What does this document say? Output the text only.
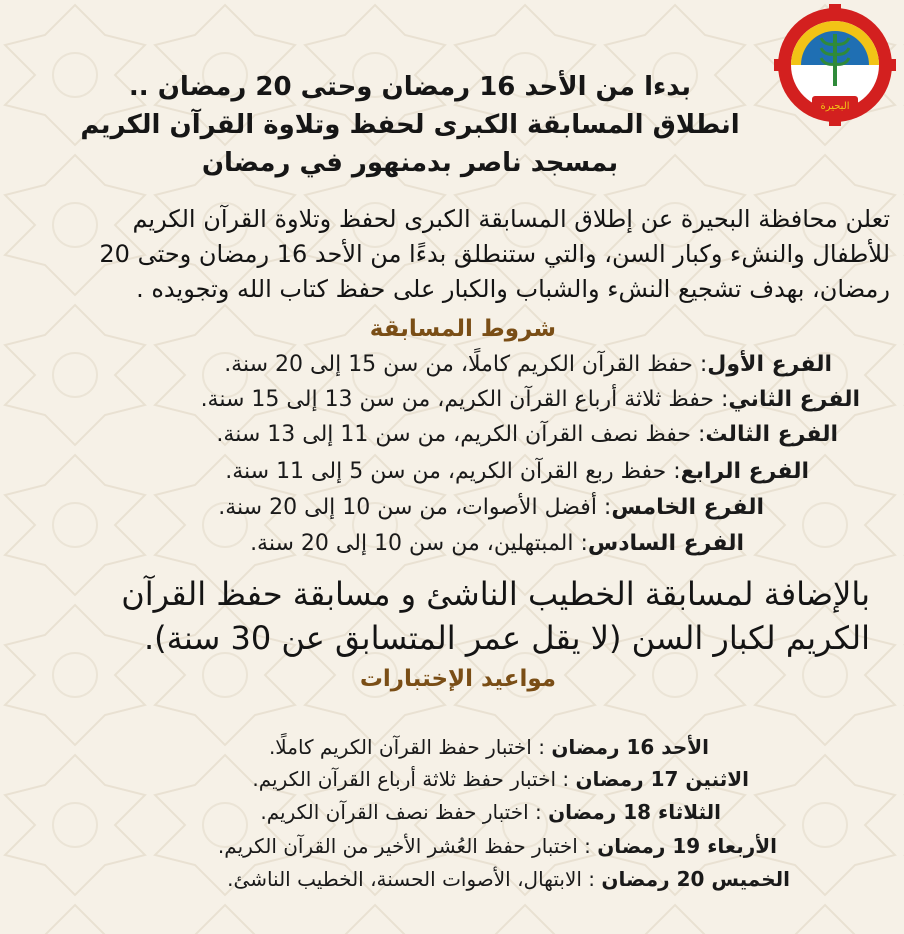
البحيرة
بدءا من الأحد 16 رمضان وحتى 20 رمضان ..
انطلاق المسابقة الكبرى لحفظ وتلاوة القرآن الكريم
بمسجد ناصر بدمنهور في رمضان
تعلن محافظة البحيرة عن إطلاق المسابقة الكبرى لحفظ وتلاوة القرآن الكريم
للأطفال والنشء وكبار السن، والتي ستنطلق بدءًا من الأحد 16 رمضان وحتى 20
رمضان، بهدف تشجيع النشء والشباب والكبار على حفظ كتاب الله وتجويده .
شروط المسابقة
الفرع الأول: حفظ القرآن الكريم كاملًا، من سن 15 إلى 20 سنة.
الفرع الثاني: حفظ ثلاثة أرباع القرآن الكريم، من سن 13 إلى 15 سنة.
الفرع الثالث: حفظ نصف القرآن الكريم، من سن 11 إلى 13 سنة.
الفرع الرابع: حفظ ربع القرآن الكريم، من سن 5 إلى 11 سنة.
الفرع الخامس: أفضل الأصوات، من سن 10 إلى 20 سنة.
الفرع السادس: المبتهلين، من سن 10 إلى 20 سنة.
بالإضافة لمسابقة الخطيب الناشئ و مسابقة حفظ القرآن
الكريم لكبار السن (لا يقل عمر المتسابق عن 30 سنة).
مواعيد الإختبارات
الأحد 16 رمضان : اختبار حفظ القرآن الكريم كاملًا.
الاثنين 17 رمضان : اختبار حفظ ثلاثة أرباع القرآن الكريم.
الثلاثاء 18 رمضان : اختبار حفظ نصف القرآن الكريم.
الأربعاء 19 رمضان : اختبار حفظ العُشر الأخير من القرآن الكريم.
الخميس 20 رمضان : الابتهال، الأصوات الحسنة، الخطيب الناشئ.
